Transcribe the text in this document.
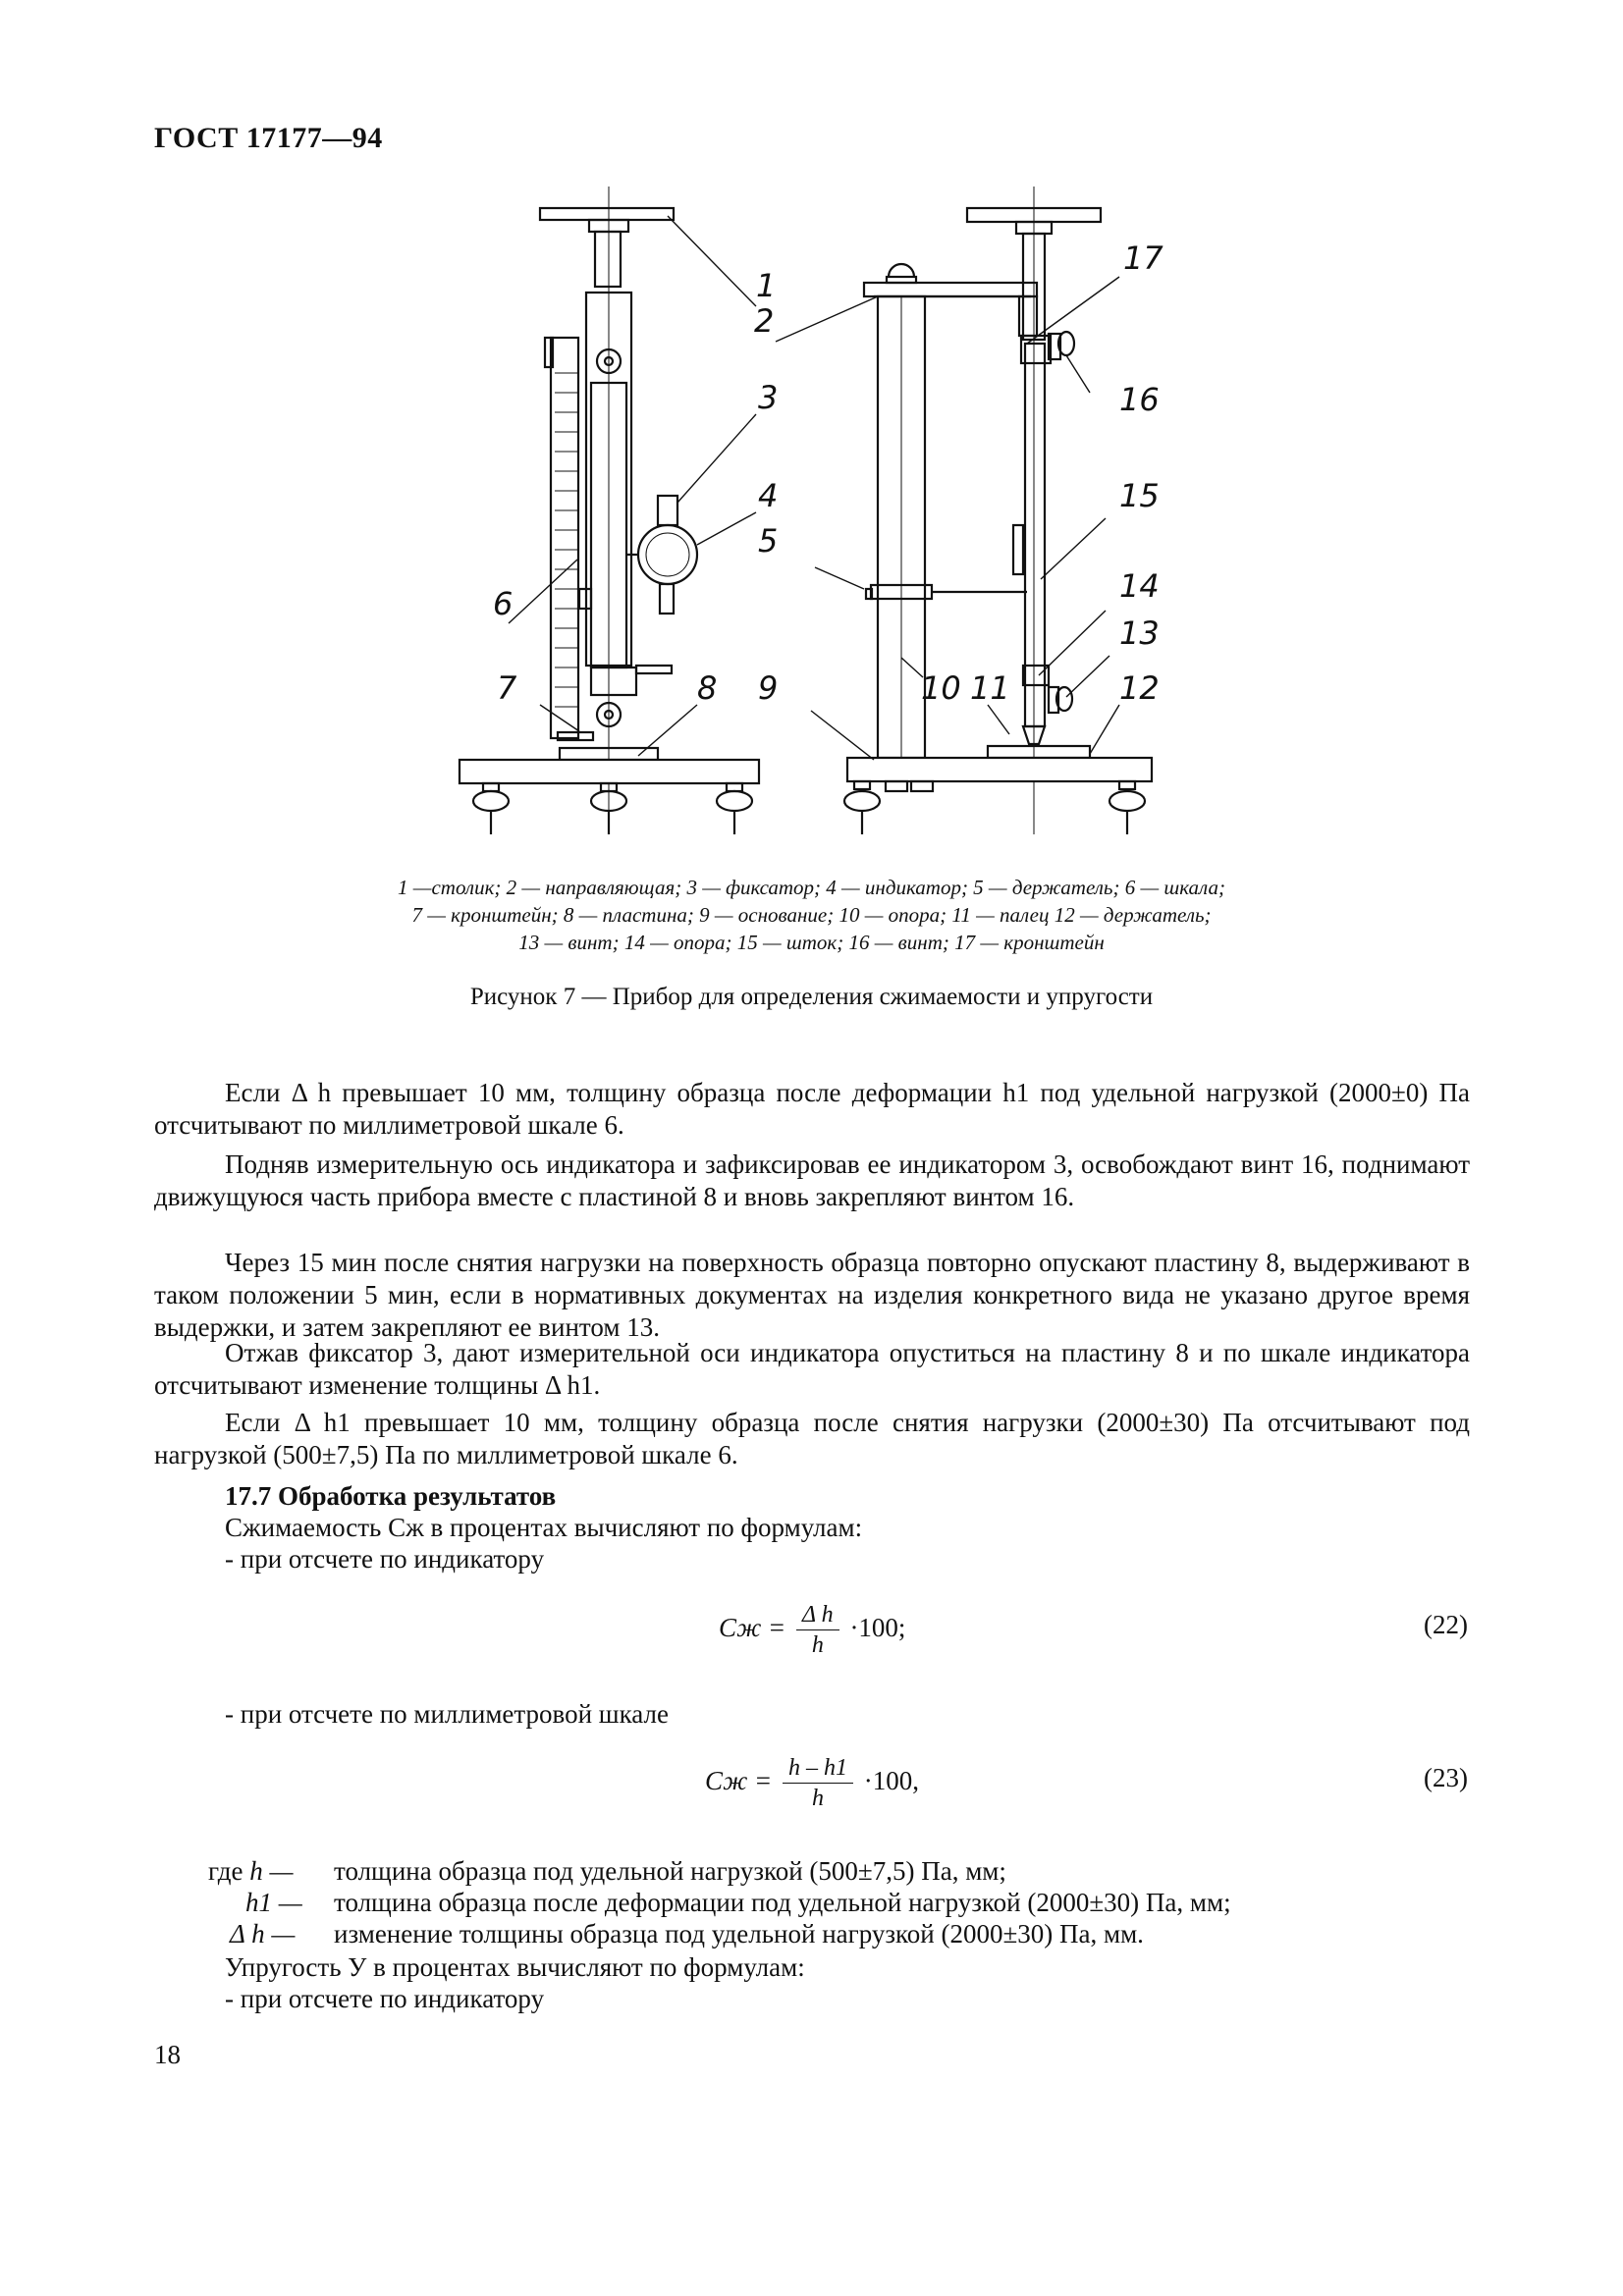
ГОСТ 17177—94
1
2
3
4
5
6
7	8 9	10 11	12
13
14
15
16
17
1 —столик; 2 — направляющая; 3 — фиксатор; 4 — индикатор; 5 — держатель; 6 — шкала;
7 — кронштейн; 8 — пластина; 9 — основание; 10 — опора; 11 — палец 12 — держатель;
13 — винт; 14 — опора; 15 — шток; 16 — винт; 17 — кронштейн
Рисунок 7 — Прибор для определения сжимаемости и упругости
Если Δ h превышает 10 мм, толщину образца после деформации h1 под удельной нагрузкой (2000±0) Па отсчитывают по миллиметровой шкале 6.
Подняв измерительную ось индикатора и зафиксировав ее индикатором 3, освобождают винт 16, поднимают движущуюся часть прибора вместе с пластиной 8 и вновь закрепляют винтом 16.
Через 15 мин после снятия нагрузки на поверхность образца повторно опускают пластину 8, выдерживают в таком положении 5 мин, если в нормативных документах на изделия конкретного вида не указано другое время выдержки, и затем закрепляют ее винтом 13.
Отжав фиксатор 3, дают измерительной оси индикатора опуститься на пластину 8 и по шкале индикатора отсчитывают изменение толщины Δ h1.
Если Δ h1 превышает 10 мм, толщину образца после снятия нагрузки (2000±30) Па отсчитывают под нагрузкой (500±7,5) Па по миллиметровой шкале 6.
17.7 Обработка результатов
Сжимаемость Сж в процентах вычисляют по формулам:
- при отсчете по индикатору
Сж = $\frac{\text{Δ h}}{h} \cdot 100$;	(22)
- при отсчете по миллиметровой шкале
Сж = $\frac{h - h1}{h} \cdot 100$,	(23)
где h — толщина образца под удельной нагрузкой (500±7,5) Па, мм;
h1 — толщина образца после деформации под удельной нагрузкой (2000±30) Па, мм;
Δ h — изменение толщины образца под удельной нагрузкой (2000±30) Па, мм.
Упругость У в процентах вычисляют по формулам:
- при отсчете по индикатору
18
